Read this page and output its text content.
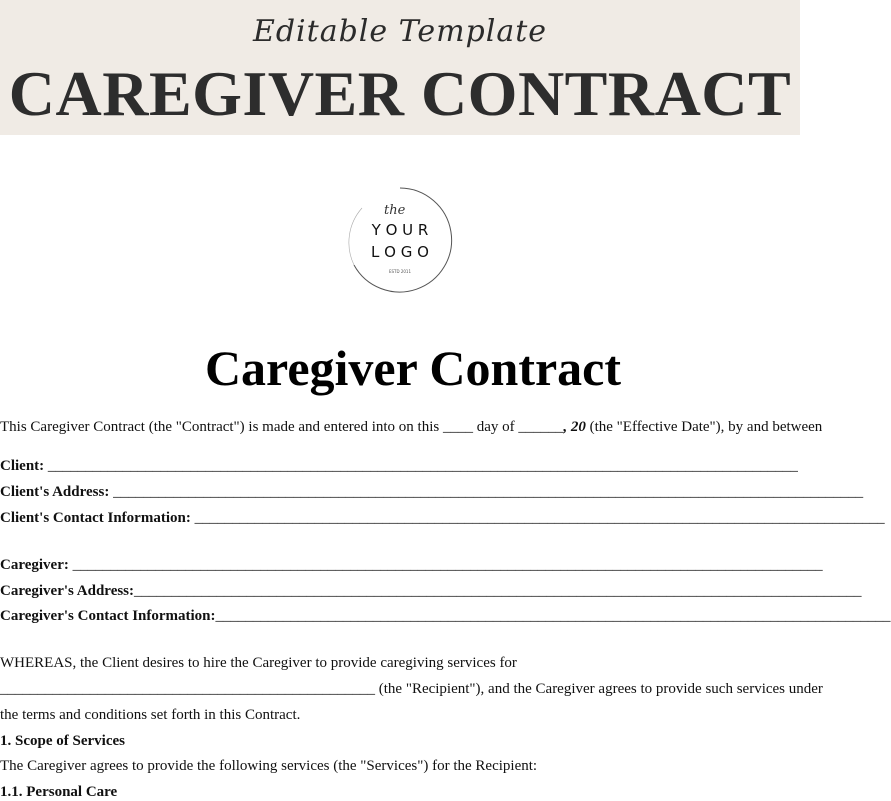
Editable Template
CAREGIVER CONTRACT
the
Y O U R
L O G O
ESTD 2011
Caregiver Contract
This Caregiver Contract (the "Contract") is made and entered into on this ____ day of ______, 20 (the "Effective Date"), by and between
Client: ____________________________________________________________________________________________________
Client's Address: ____________________________________________________________________________________________________
Client's Contact Information: ____________________________________________________________________________________________
Caregiver: ____________________________________________________________________________________________________
Caregiver's Address:_________________________________________________________________________________________________
Caregiver's Contact Information:__________________________________________________________________________________________
WHEREAS, the Client desires to hire the Caregiver to provide caregiving services for
__________________________________________________ (the "Recipient"), and the Caregiver agrees to provide such services under
the terms and conditions set forth in this Contract.
1. Scope of Services
The Caregiver agrees to provide the following services (the "Services") for the Recipient:
1.1. Personal Care
